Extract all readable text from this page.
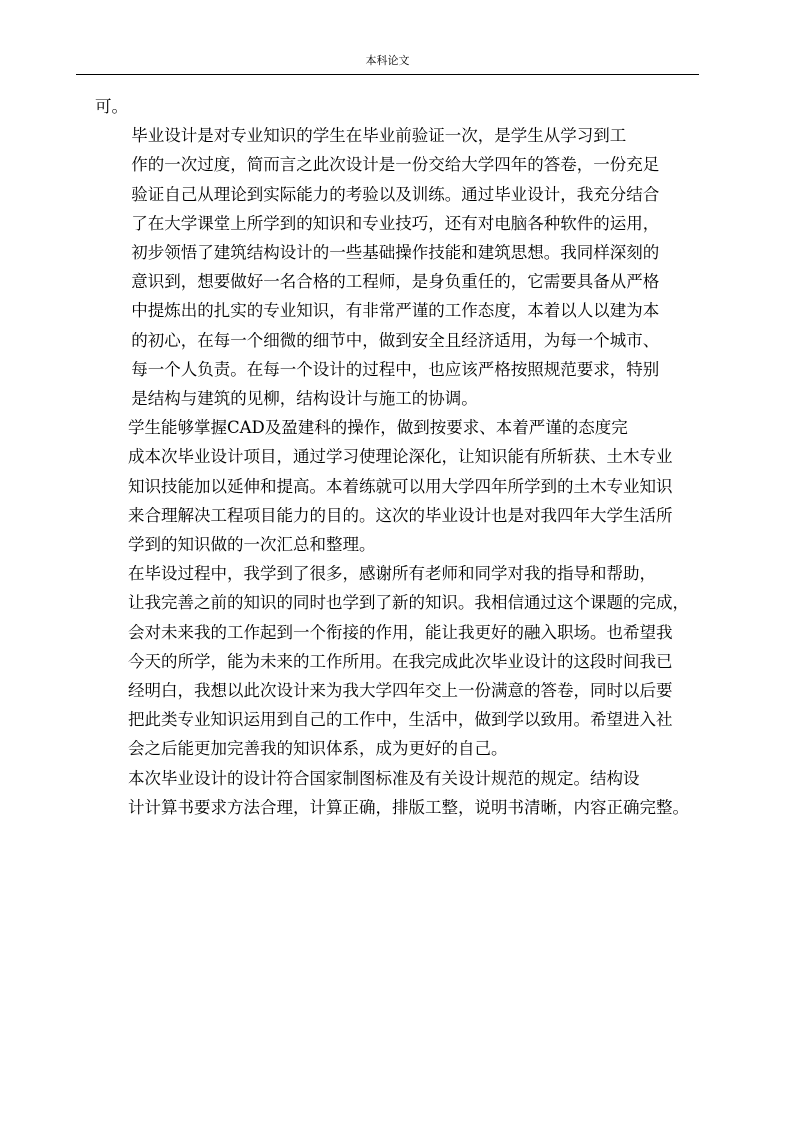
本科论文

可。

毕业设计是对专业知识的学生在毕业前验证一次，是学生从学习到工
作的一次过度，简而言之此次设计是一份交给大学四年的答卷，一份充足
验证自己从理论到实际能力的考验以及训练。通过毕业设计，我充分结合
了在大学课堂上所学到的知识和专业技巧，还有对电脑各种软件的运用，
初步领悟了建筑结构设计的一些基础操作技能和建筑思想。我同样深刻的
意识到，想要做好一名合格的工程师，是身负重任的，它需要具备从严格
中提炼出的扎实的专业知识，有非常严谨的工作态度，本着以人以建为本
的初心，在每一个细微的细节中，做到安全且经济适用，为每一个城市、
每一个人负责。在每一个设计的过程中，也应该严格按照规范要求，特别
是结构与建筑的见柳，结构设计与施工的协调。

学生能够掌握CAD及盈建科的操作，做到按要求、本着严谨的态度完
成本次毕业设计项目，通过学习使理论深化，让知识能有所斩获、土木专业
知识技能加以延伸和提高。本着练就可以用大学四年所学到的土木专业知识
来合理解决工程项目能力的目的。这次的毕业设计也是对我四年大学生活所
学到的知识做的一次汇总和整理。

在毕设过程中，我学到了很多，感谢所有老师和同学对我的指导和帮助，
让我完善之前的知识的同时也学到了新的知识。我相信通过这个课题的完成，
会对未来我的工作起到一个衔接的作用，能让我更好的融入职场。也希望我
今天的所学，能为未来的工作所用。在我完成此次毕业设计的这段时间我已
经明白，我想以此次设计来为我大学四年交上一份满意的答卷，同时以后要
把此类专业知识运用到自己的工作中，生活中，做到学以致用。希望进入社
会之后能更加完善我的知识体系，成为更好的自己。

本次毕业设计的设计符合国家制图标准及有关设计规范的规定。结构设
计计算书要求方法合理，计算正确，排版工整，说明书清晰，内容正确完整。
